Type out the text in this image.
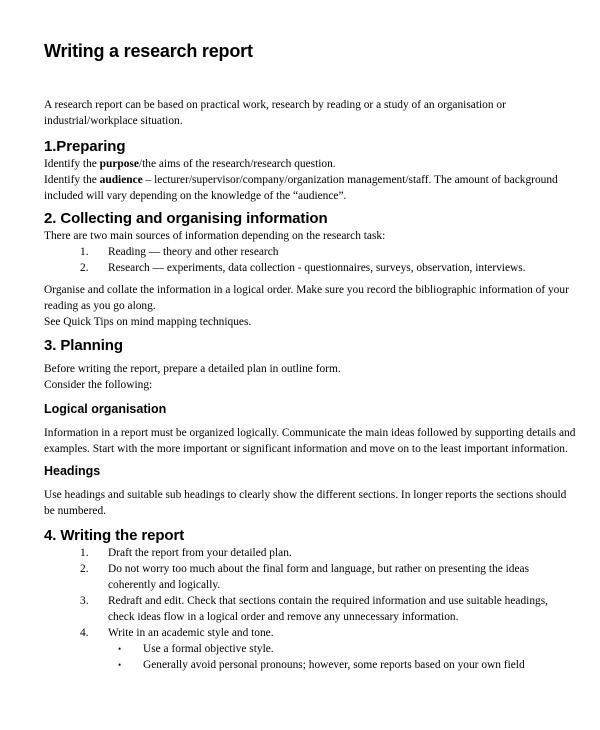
Writing a research report
A research report can be based on practical work, research by reading or a study of an organisation or
industrial/workplace situation.
1.Preparing
Identify the purpose/the aims of the research/research question.
Identify the audience – lecturer/supervisor/company/organization management/staff. The amount of background
included will vary depending on the knowledge of the “audience”.
2. Collecting and organising information
There are two main sources of information depending on the research task:
1. Reading — theory and other research
2. Research — experiments, data collection - questionnaires, surveys, observation, interviews.
Organise and collate the information in a logical order. Make sure you record the bibliographic information of your
reading as you go along.
See Quick Tips on mind mapping techniques.
3. Planning
Before writing the report, prepare a detailed plan in outline form.
Consider the following:
Logical organisation
Information in a report must be organized logically. Communicate the main ideas followed by supporting details and
examples. Start with the more important or significant information and move on to the least important information.
Headings
Use headings and suitable sub headings to clearly show the different sections. In longer reports the sections should
be numbered.
4. Writing the report
1. Draft the report from your detailed plan.
2. Do not worry too much about the final form and language, but rather on presenting the ideas
coherently and logically.
3. Redraft and edit. Check that sections contain the required information and use suitable headings,
check ideas flow in a logical order and remove any unnecessary information.
4. Write in an academic style and tone.
• Use a formal objective style.
• Generally avoid personal pronouns; however, some reports based on your own field
